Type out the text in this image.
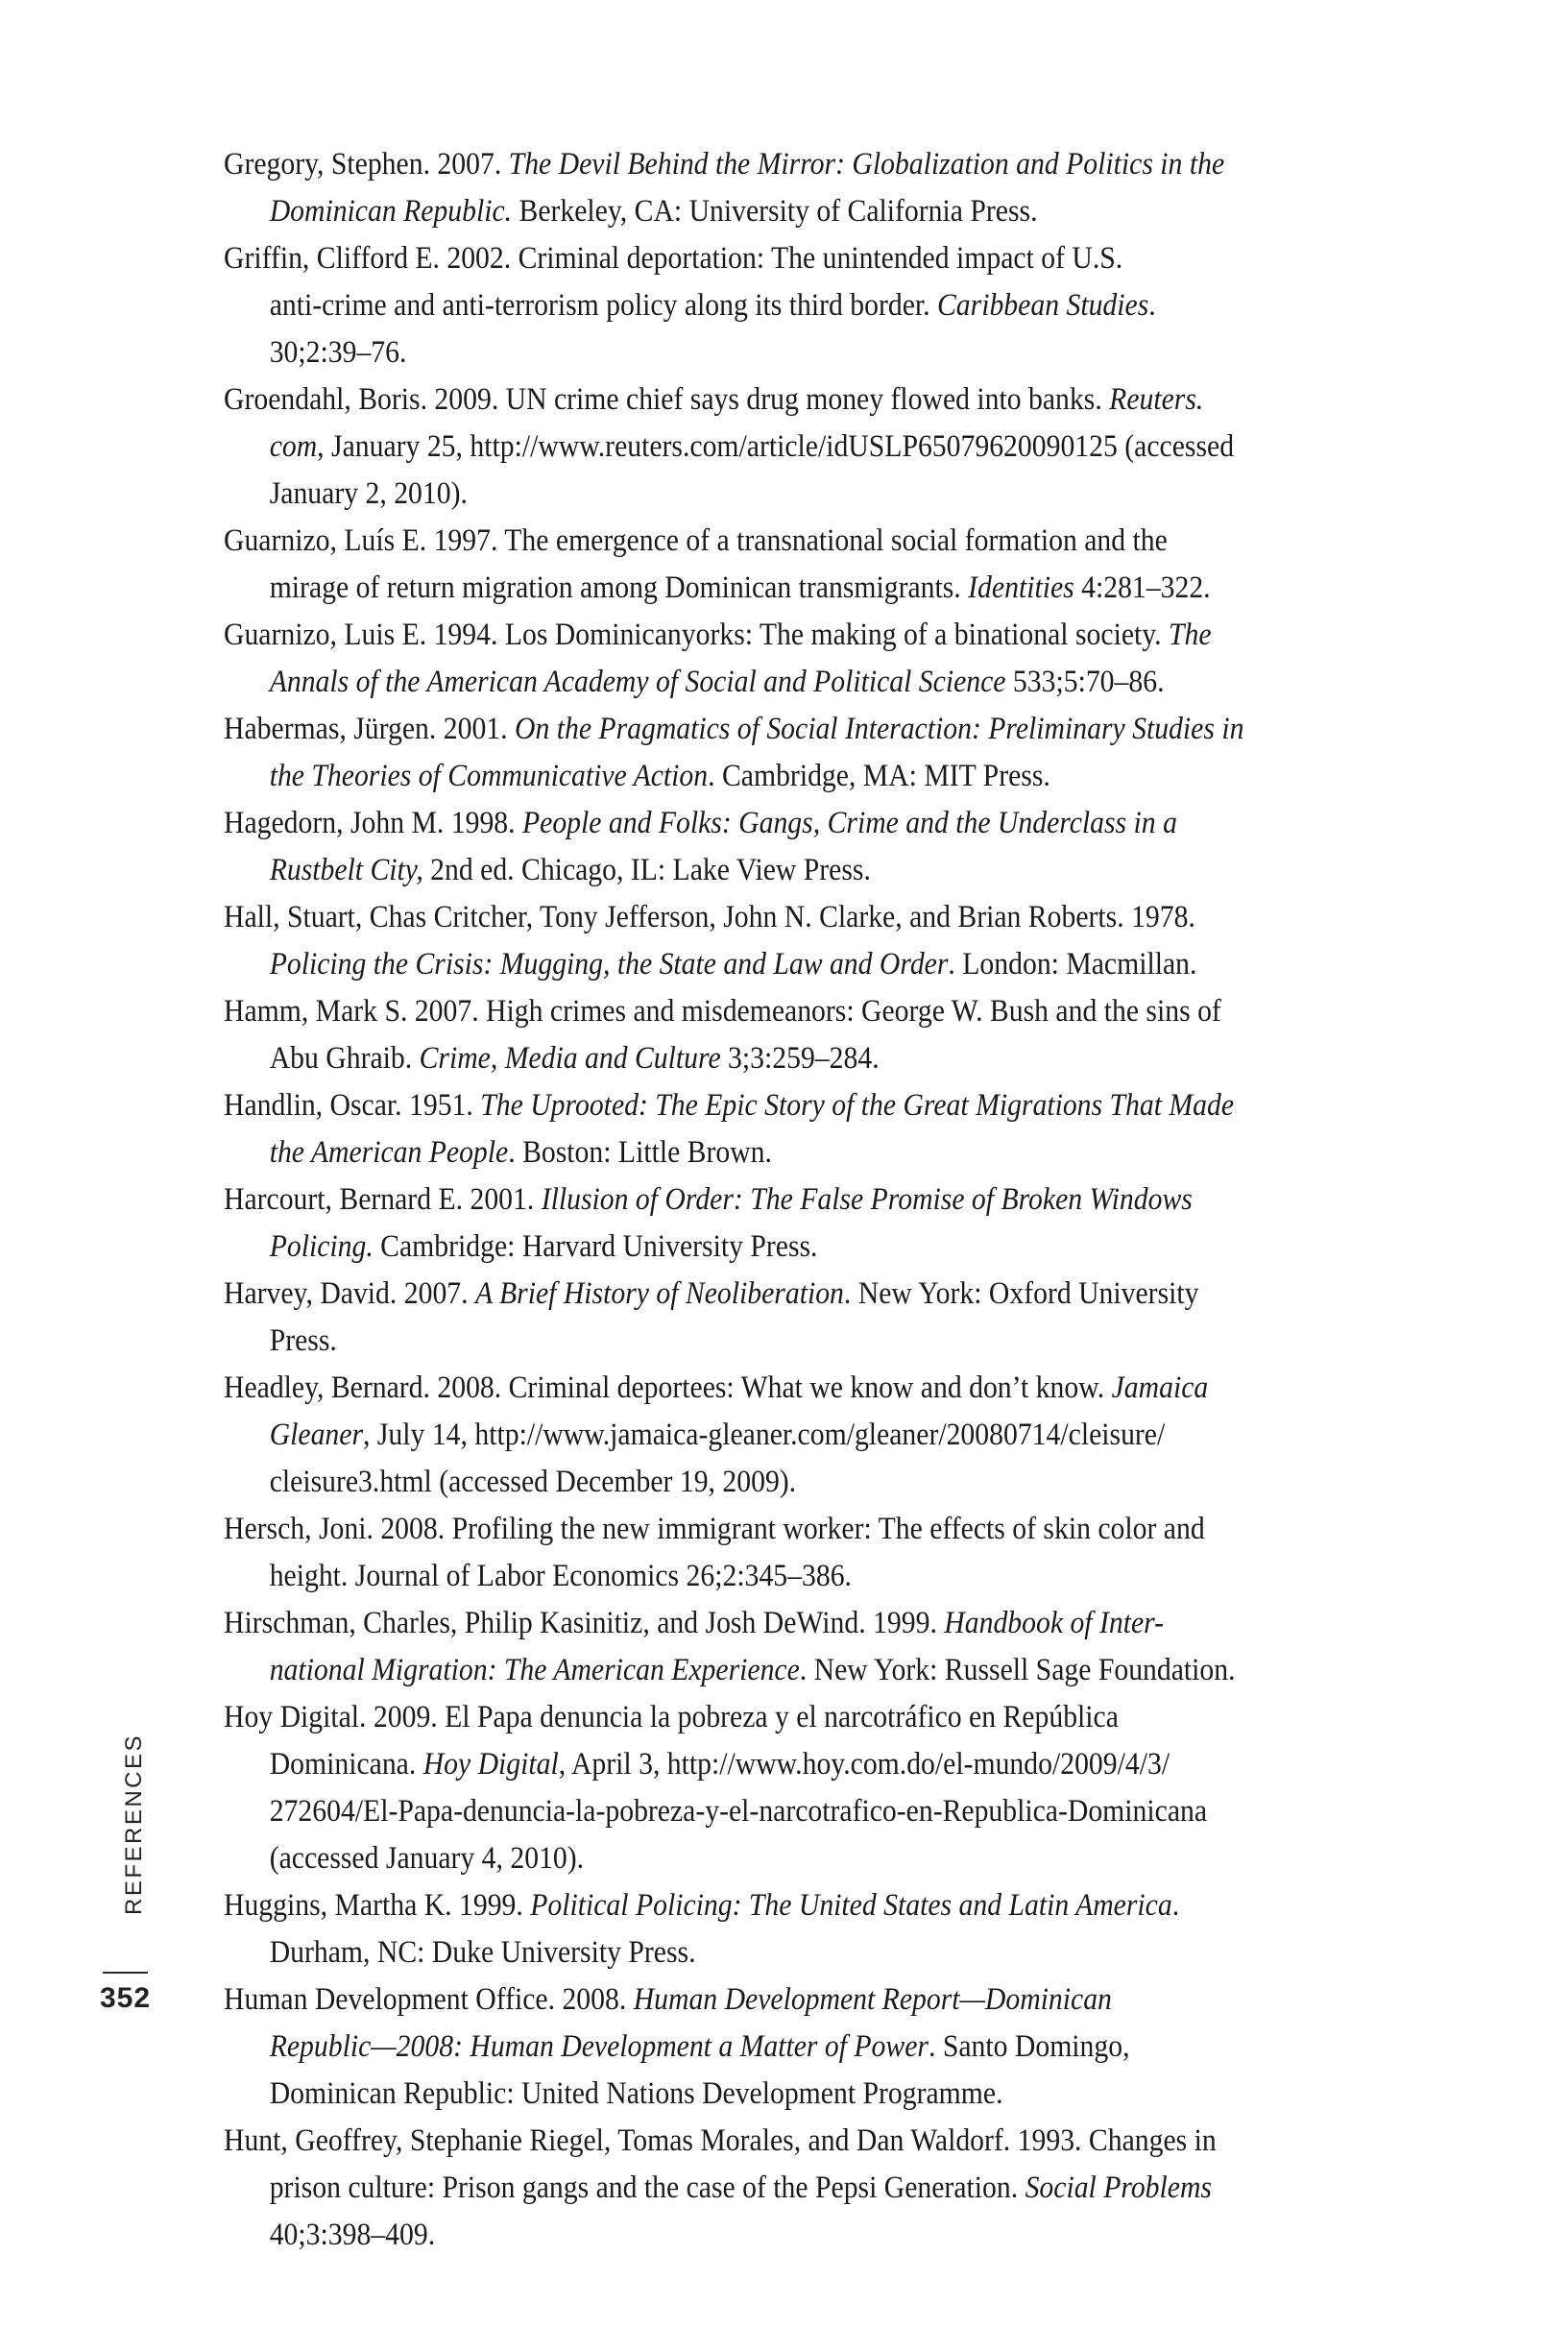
REFERENCES
352
Gregory, Stephen. 2007. The Devil Behind the Mirror: Globalization and Politics in the
Dominican Republic. Berkeley, CA: University of California Press.
Griffin, Clifford E. 2002. Criminal deportation: The unintended impact of U.S.
anti-crime and anti-terrorism policy along its third border. Caribbean Studies.
30;2:39–76.
Groendahl, Boris. 2009. UN crime chief says drug money flowed into banks. Reuters.
com, January 25, http://www.reuters.com/article/idUSLP65079620090125 (accessed
January 2, 2010).
Guarnizo, Luís E. 1997. The emergence of a transnational social formation and the
mirage of return migration among Dominican transmigrants. Identities 4:281–322.
Guarnizo, Luis E. 1994. Los Dominicanyorks: The making of a binational society. The
Annals of the American Academy of Social and Political Science 533;5:70–86.
Habermas, Jürgen. 2001. On the Pragmatics of Social Interaction: Preliminary Studies in
the Theories of Communicative Action. Cambridge, MA: MIT Press.
Hagedorn, John M. 1998. People and Folks: Gangs, Crime and the Underclass in a
Rustbelt City, 2nd ed. Chicago, IL: Lake View Press.
Hall, Stuart, Chas Critcher, Tony Jefferson, John N. Clarke, and Brian Roberts. 1978.
Policing the Crisis: Mugging, the State and Law and Order. London: Macmillan.
Hamm, Mark S. 2007. High crimes and misdemeanors: George W. Bush and the sins of
Abu Ghraib. Crime, Media and Culture 3;3:259–284.
Handlin, Oscar. 1951. The Uprooted: The Epic Story of the Great Migrations That Made
the American People. Boston: Little Brown.
Harcourt, Bernard E. 2001. Illusion of Order: The False Promise of Broken Windows
Policing. Cambridge: Harvard University Press.
Harvey, David. 2007. A Brief History of Neoliberation. New York: Oxford University
Press.
Headley, Bernard. 2008. Criminal deportees: What we know and don’t know. Jamaica
Gleaner, July 14, http://www.jamaica-gleaner.com/gleaner/20080714/cleisure/
cleisure3.html (accessed December 19, 2009).
Hersch, Joni. 2008. Profiling the new immigrant worker: The effects of skin color and
height. Journal of Labor Economics 26;2:345–386.
Hirschman, Charles, Philip Kasinitiz, and Josh DeWind. 1999. Handbook of Inter-
national Migration: The American Experience. New York: Russell Sage Foundation.
Hoy Digital. 2009. El Papa denuncia la pobreza y el narcotráfico en República
Dominicana. Hoy Digital, April 3, http://www.hoy.com.do/el-mundo/2009/4/3/
272604/El-Papa-denuncia-la-pobreza-y-el-narcotrafico-en-Republica-Dominicana
(accessed January 4, 2010).
Huggins, Martha K. 1999. Political Policing: The United States and Latin America.
Durham, NC: Duke University Press.
Human Development Office. 2008. Human Development Report—Dominican
Republic—2008: Human Development a Matter of Power. Santo Domingo,
Dominican Republic: United Nations Development Programme.
Hunt, Geoffrey, Stephanie Riegel, Tomas Morales, and Dan Waldorf. 1993. Changes in
prison culture: Prison gangs and the case of the Pepsi Generation. Social Problems
40;3:398–409.
